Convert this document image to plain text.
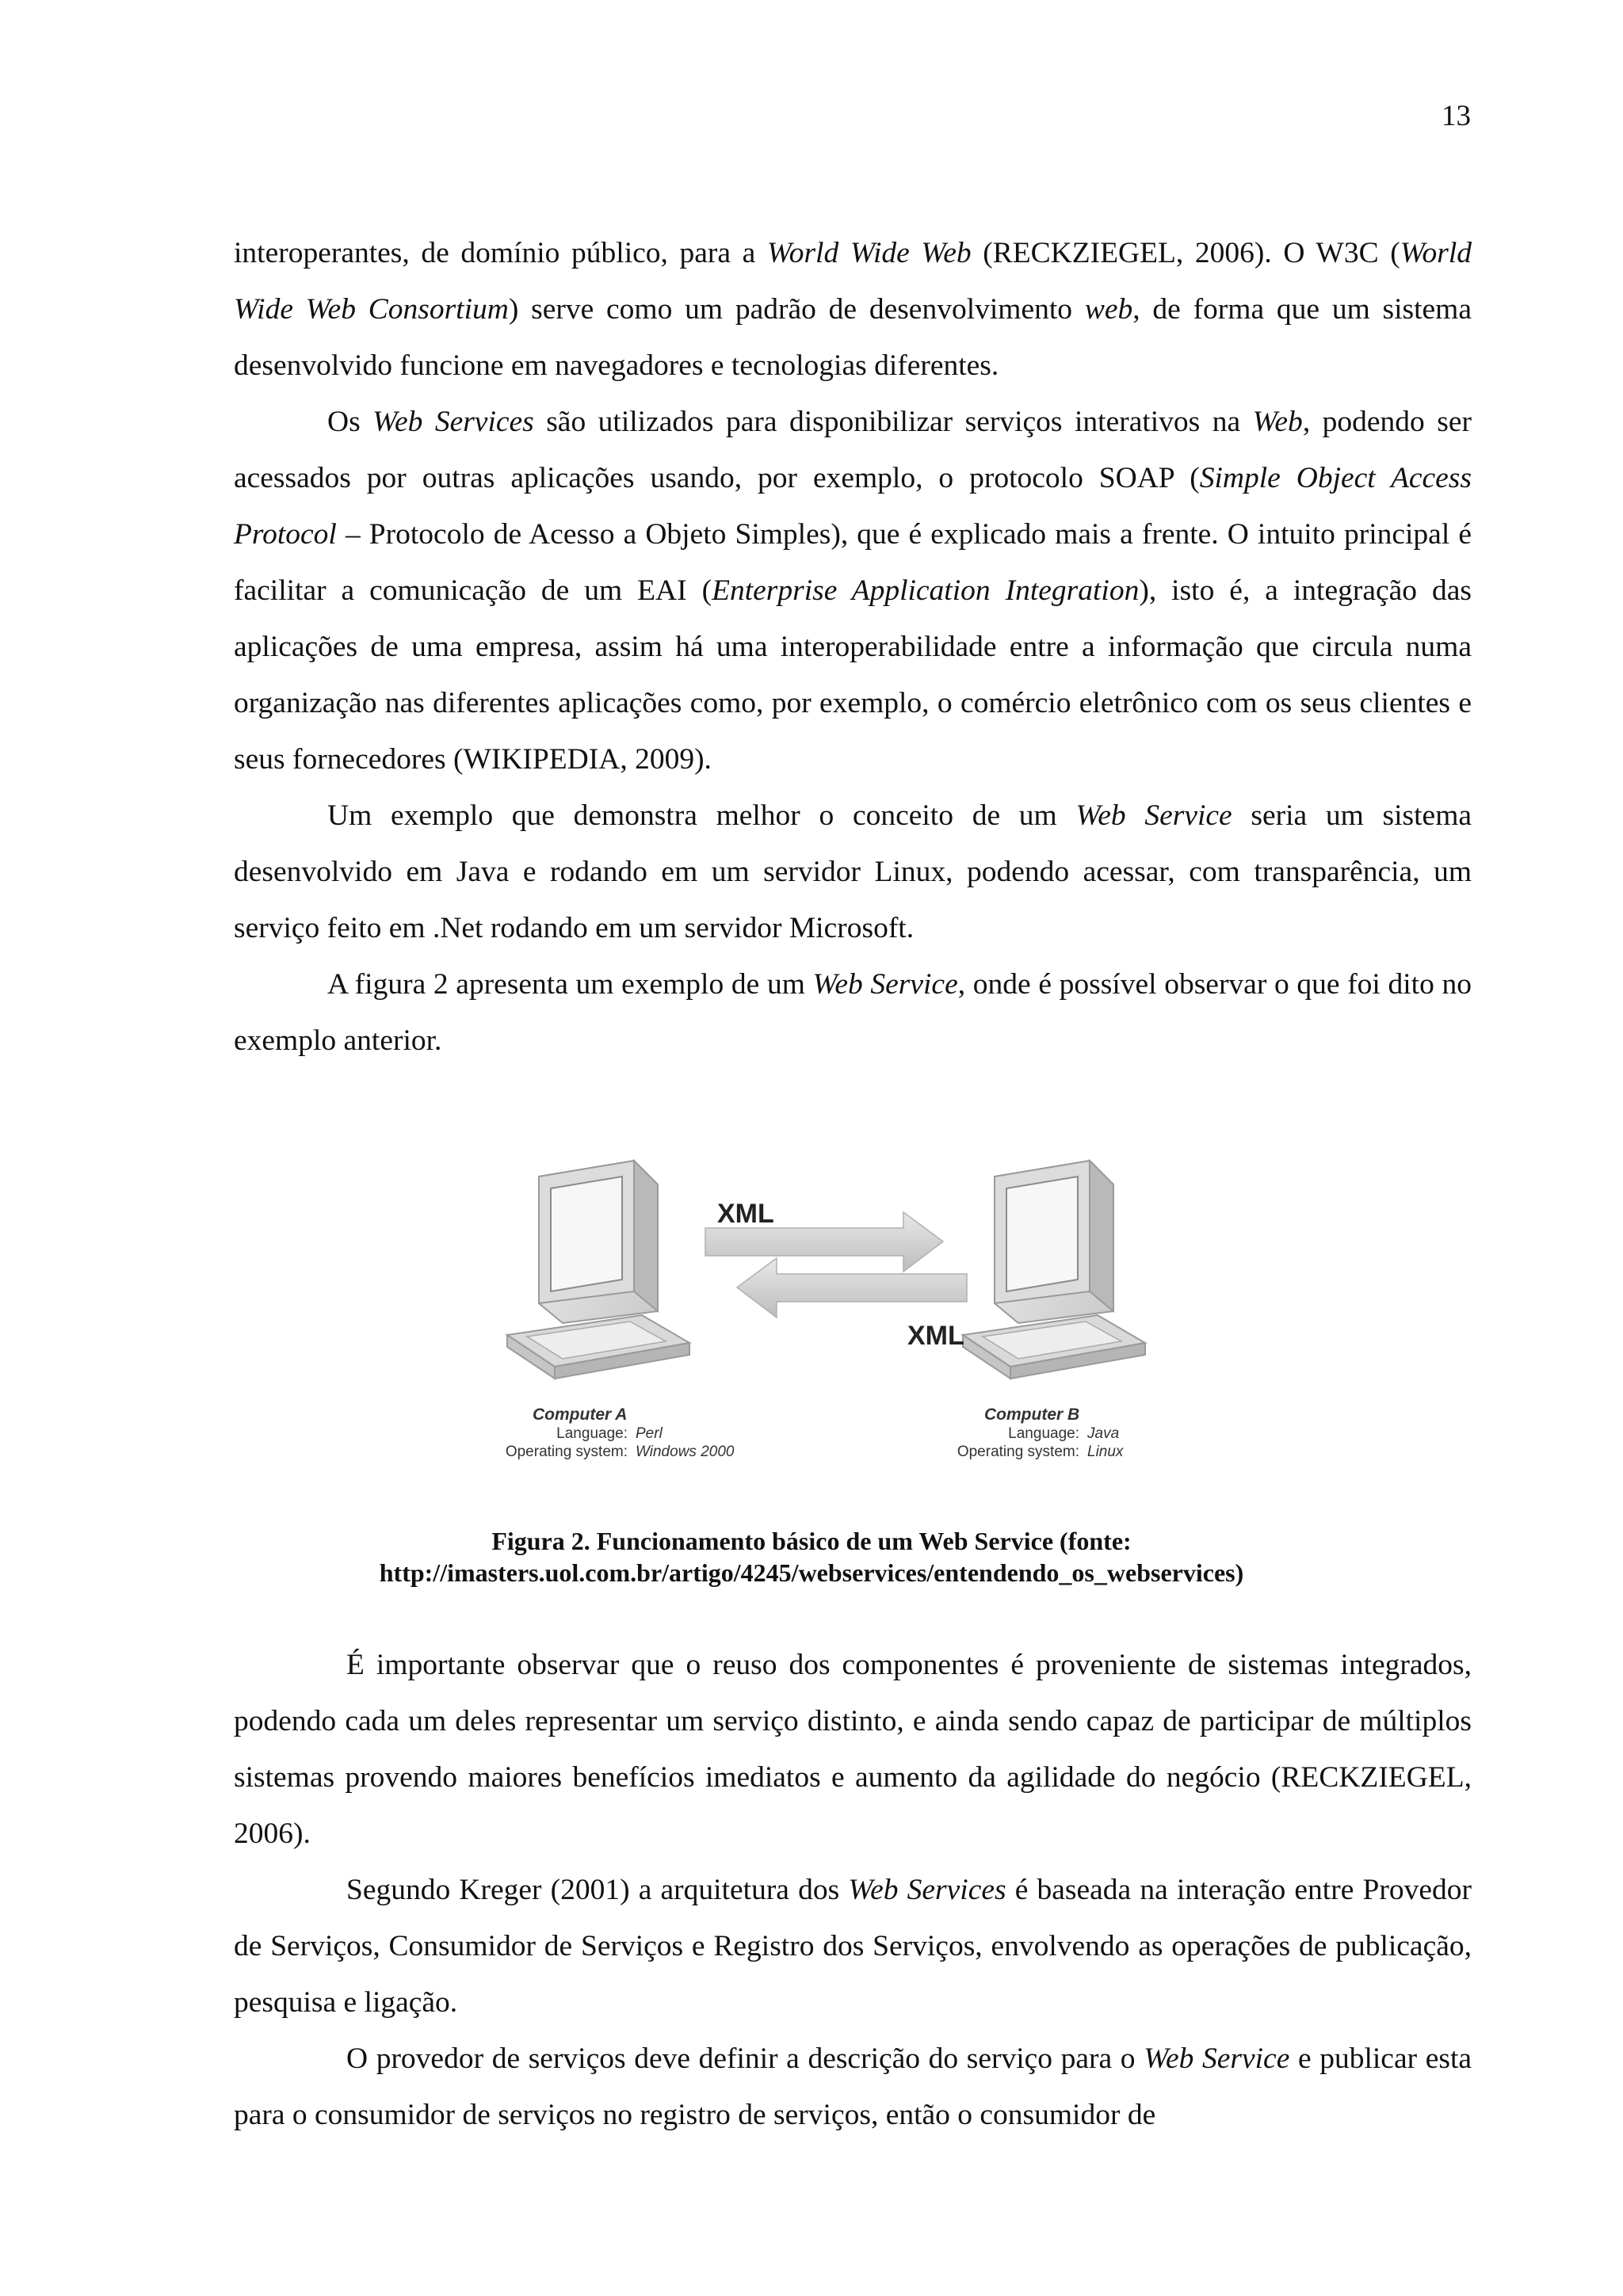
13

interoperantes, de domínio público, para a World Wide Web (RECKZIEGEL, 2006). O W3C (World Wide Web Consortium) serve como um padrão de desenvolvimento web, de forma que um sistema desenvolvido funcione em navegadores e tecnologias diferentes.

Os Web Services são utilizados para disponibilizar serviços interativos na Web, podendo ser acessados por outras aplicações usando, por exemplo, o protocolo SOAP (Simple Object Access Protocol – Protocolo de Acesso a Objeto Simples), que é explicado mais a frente. O intuito principal é facilitar a comunicação de um EAI (Enterprise Application Integration), isto é, a integração das aplicações de uma empresa, assim há uma interoperabilidade entre a informação que circula numa organização nas diferentes aplicações como, por exemplo, o comércio eletrônico com os seus clientes e seus fornecedores (WIKIPEDIA, 2009).

Um exemplo que demonstra melhor o conceito de um Web Service seria um sistema desenvolvido em Java e rodando em um servidor Linux, podendo acessar, com transparência, um serviço feito em .Net rodando em um servidor Microsoft.

A figura 2 apresenta um exemplo de um Web Service, onde é possível observar o que foi dito no exemplo anterior.

XML
XML
Computer A
Language: Perl
Operating system: Windows 2000
Computer B
Language: Java
Operating system: Linux
Figura 2. Funcionamento básico de um Web Service (fonte:
http://imasters.uol.com.br/artigo/4245/webservices/entendendo_os_webservices)

É importante observar que o reuso dos componentes é proveniente de sistemas integrados, podendo cada um deles representar um serviço distinto, e ainda sendo capaz de participar de múltiplos sistemas provendo maiores benefícios imediatos e aumento da agilidade do negócio (RECKZIEGEL, 2006).

Segundo Kreger (2001) a arquitetura dos Web Services é baseada na interação entre Provedor de Serviços, Consumidor de Serviços e Registro dos Serviços, envolvendo as operações de publicação, pesquisa e ligação.

O provedor de serviços deve definir a descrição do serviço para o Web Service e publicar esta para o consumidor de serviços no registro de serviços, então o consumidor de
